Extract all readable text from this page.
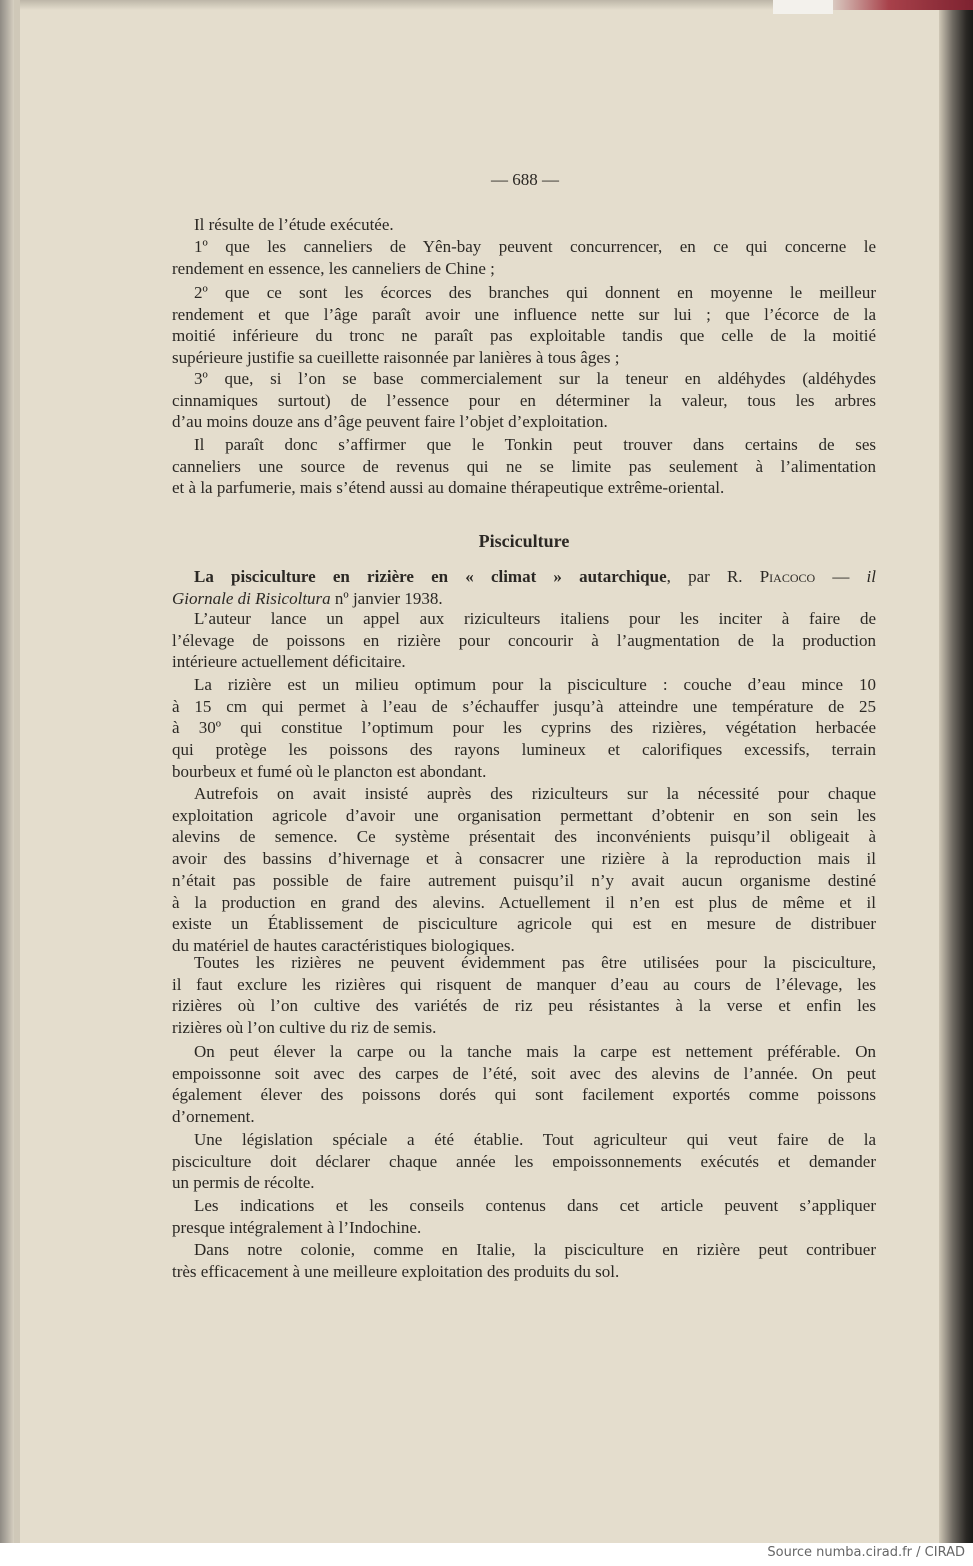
— 688 —
Il résulte de l’étude exécutée.
1º que les canneliers de Yên-bay peuvent concurrencer, en ce qui concerne le
rendement en essence, les canneliers de Chine ;
2º que ce sont les écorces des branches qui donnent en moyenne le meilleur
rendement et que l’âge paraît avoir une influence nette sur lui ; que l’écorce de la
moitié inférieure du tronc ne paraît pas exploitable tandis que celle de la moitié
supérieure justifie sa cueillette raisonnée par lanières à tous âges ;
3º que, si l’on se base commercialement sur la teneur en aldéhydes (aldéhydes
cinnamiques surtout) de l’essence pour en déterminer la valeur, tous les arbres
d’au moins douze ans d’âge peuvent faire l’objet d’exploitation.
Il paraît donc s’affirmer que le Tonkin peut trouver dans certains de ses
canneliers une source de revenus qui ne se limite pas seulement à l’alimentation
et à la parfumerie, mais s’étend aussi au domaine thérapeutique extrême-oriental.
Pisciculture
La pisciculture en rizière en « climat » autarchique, par R. Piacoco — il
Giornale di Risicoltura nº janvier 1938.
L’auteur lance un appel aux riziculteurs italiens pour les inciter à faire de
l’élevage de poissons en rizière pour concourir à l’augmentation de la production
intérieure actuellement déficitaire.
La rizière est un milieu optimum pour la pisciculture : couche d’eau mince 10
à 15 cm qui permet à l’eau de s’échauffer jusqu’à atteindre une température de 25
à 30º qui constitue l’optimum pour les cyprins des rizières, végétation herbacée
qui protège les poissons des rayons lumineux et calorifiques excessifs, terrain
bourbeux et fumé où le plancton est abondant.
Autrefois on avait insisté auprès des riziculteurs sur la nécessité pour chaque
exploitation agricole d’avoir une organisation permettant d’obtenir en son sein les
alevins de semence. Ce système présentait des inconvénients puisqu’il obligeait à
avoir des bassins d’hivernage et à consacrer une rizière à la reproduction mais il
n’était pas possible de faire autrement puisqu’il n’y avait aucun organisme destiné
à la production en grand des alevins. Actuellement il n’en est plus de même et il
existe un Établissement de pisciculture agricole qui est en mesure de distribuer
du matériel de hautes caractéristiques biologiques.
Toutes les rizières ne peuvent évidemment pas être utilisées pour la pisciculture,
il faut exclure les rizières qui risquent de manquer d’eau au cours de l’élevage, les
rizières où l’on cultive des variétés de riz peu résistantes à la verse et enfin les
rizières où l’on cultive du riz de semis.
On peut élever la carpe ou la tanche mais la carpe est nettement préférable. On
empoissonne soit avec des carpes de l’été, soit avec des alevins de l’année. On peut
également élever des poissons dorés qui sont facilement exportés comme poissons
d’ornement.
Une législation spéciale a été établie. Tout agriculteur qui veut faire de la
pisciculture doit déclarer chaque année les empoissonnements exécutés et demander
un permis de récolte.
Les indications et les conseils contenus dans cet article peuvent s’appliquer
presque intégralement à l’Indochine.
Dans notre colonie, comme en Italie, la pisciculture en rizière peut contribuer
très efficacement à une meilleure exploitation des produits du sol.
Source numba.cirad.fr / CIRAD
